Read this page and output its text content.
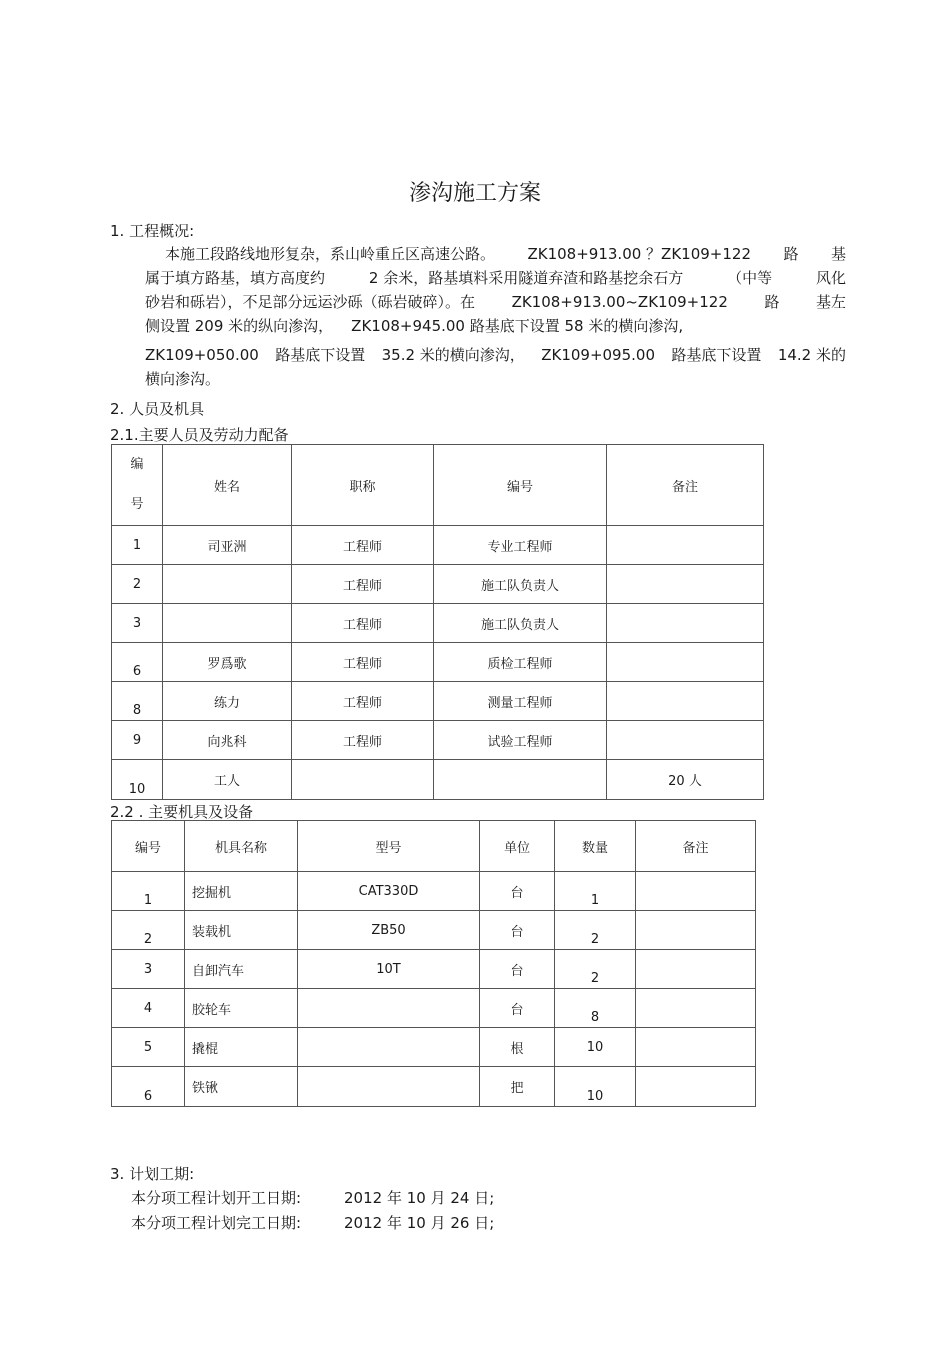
渗沟施工方案
1. 工程概况:
本施工段路线地形复杂，系山岭重丘区高速公路。 ZK108+913.00 ？ZK109+122 路 基
属于填方路基，填方高度约	2 余米，路基填料采用隧道弃渣和路基挖余石方	（中等	风化
砂岩和砾岩），不足部分远运沙砾（砾岩破碎）。在 ZK108+913.00~ZK109+122 路 基左
侧设置 209 米的纵向渗沟， ZK108+945.00 路基底下设置 58 米的横向渗沟,
ZK109+050.00 路基底下设置 35.2 米的横向渗沟， ZK109+095.00 路基底下设置 14.2 米的
横向渗沟。
2. 人员及机具
2.1.主要人员及劳动力配备
编
号	姓名	职称	编号	备注
1	司亚洲	工程师	专业工程师	
2		工程师	施工队负责人	
3		工程师	施工队负责人	
6	罗爲歌	工程师	质检工程师	
8	练力	工程师	测量工程师	
9	向兆科	工程师	试验工程师	
10	工人			20 人
2.2 . 主要机具及设备
编号	机具名称	型号	单位	数量	备注
1	挖掘机	CAT330D	台	1	
2	装载机	ZB50	台	2	
3	自卸汽车	10T	台	2	
4	胶轮车		台	8	
5	撬棍		根	10	
6	铁锹		把	10	
3. 计划工期:
本分项工程计划开工日期:	2012 年 10 月 24 日;
本分项工程计划完工日期:	2012 年 10 月 26 日;
